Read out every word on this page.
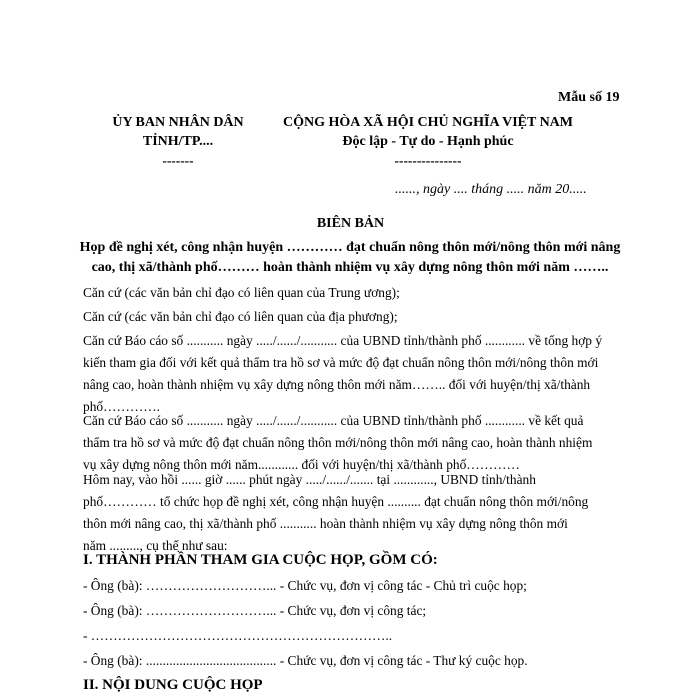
Mẫu số 19
ỦY BAN NHÂN DÂN
TỈNH/TP....
-------
CỘNG HÒA XÃ HỘI CHỦ NGHĨA VIỆT NAM
Độc lập - Tự do - Hạnh phúc
---------------
......, ngày .... tháng ..... năm 20.....
BIÊN BẢN
Họp đề nghị xét, công nhận huyện ………… đạt chuẩn nông thôn mới/nông thôn mới nâng
cao, thị xã/thành phố……… hoàn thành nhiệm vụ xây dựng nông thôn mới năm ……..
Căn cứ (các văn bản chỉ đạo có liên quan của Trung ương);
Căn cứ (các văn bản chỉ đạo có liên quan của địa phương);
Căn cứ Báo cáo số ........... ngày ...../....../........... của UBND tỉnh/thành phố ............ về tổng hợp ý
kiến tham gia đối với kết quả thẩm tra hồ sơ và mức độ đạt chuẩn nông thôn mới/nông thôn mới
nâng cao, hoàn thành nhiệm vụ xây dựng nông thôn mới năm…….. đối với huyện/thị xã/thành
phố………….
Căn cứ Báo cáo số ........... ngày ...../....../........... của UBND tỉnh/thành phố ............ về kết quả
thẩm tra hồ sơ và mức độ đạt chuẩn nông thôn mới/nông thôn mới nâng cao, hoàn thành nhiệm
vụ xây dựng nông thôn mới năm............ đối với huyện/thị xã/thành phố…………
Hôm nay, vào hồi ...... giờ ...... phút ngày ...../....../....... tại ............, UBND tỉnh/thành
phố………… tổ chức họp đề nghị xét, công nhận huyện .......... đạt chuẩn nông thôn mới/nông
thôn mới nâng cao, thị xã/thành phố ........... hoàn thành nhiệm vụ xây dựng nông thôn mới
năm ........., cụ thể như sau:
I. THÀNH PHẦN THAM GIA CUỘC HỌP, GỒM CÓ:
- Ông (bà): ………………………... - Chức vụ, đơn vị công tác - Chủ trì cuộc họp;
- Ông (bà): ………………………... - Chức vụ, đơn vị công tác;
- …………………………………………………………..
- Ông (bà): ....................................... - Chức vụ, đơn vị công tác - Thư ký cuộc họp.
II. NỘI DUNG CUỘC HỌP
